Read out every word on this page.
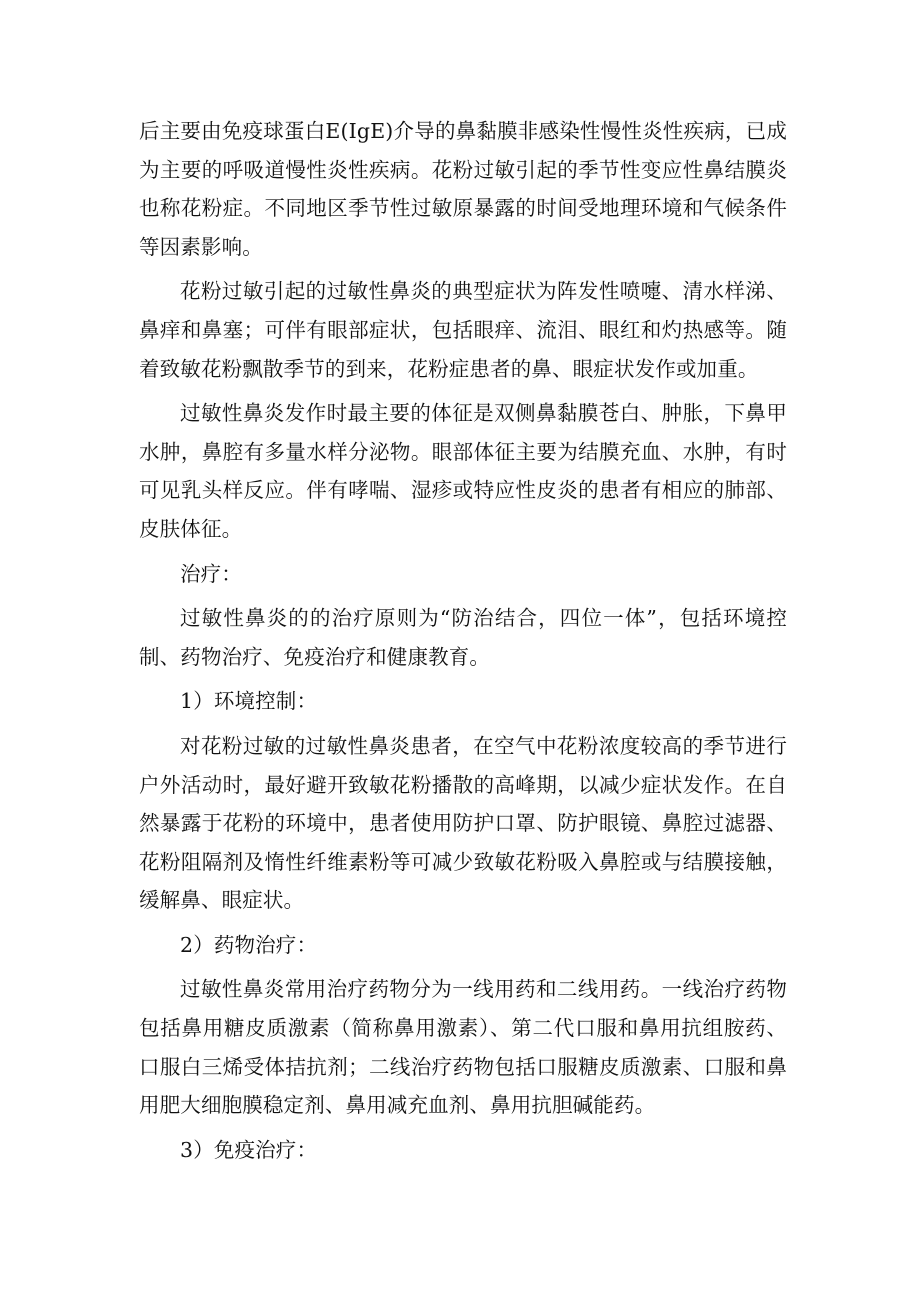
后主要由免疫球蛋白E(IgE)介导的鼻黏膜非感染性慢性炎性疾病，已成为主要的呼吸道慢性炎性疾病。花粉过敏引起的季节性变应性鼻结膜炎也称花粉症。不同地区季节性过敏原暴露的时间受地理环境和气候条件等因素影响。

花粉过敏引起的过敏性鼻炎的典型症状为阵发性喷嚏、清水样涕、鼻痒和鼻塞；可伴有眼部症状，包括眼痒、流泪、眼红和灼热感等。随着致敏花粉飘散季节的到来，花粉症患者的鼻、眼症状发作或加重。

过敏性鼻炎发作时最主要的体征是双侧鼻黏膜苍白、肿胀，下鼻甲水肿，鼻腔有多量水样分泌物。眼部体征主要为结膜充血、水肿，有时可见乳头样反应。伴有哮喘、湿疹或特应性皮炎的患者有相应的肺部、皮肤体征。

治疗：

过敏性鼻炎的的治疗原则为“防治结合，四位一体”，包括环境控制、药物治疗、免疫治疗和健康教育。

1）环境控制：

对花粉过敏的过敏性鼻炎患者，在空气中花粉浓度较高的季节进行户外活动时，最好避开致敏花粉播散的高峰期，以减少症状发作。在自然暴露于花粉的环境中，患者使用防护口罩、防护眼镜、鼻腔过滤器、花粉阻隔剂及惰性纤维素粉等可减少致敏花粉吸入鼻腔或与结膜接触，缓解鼻、眼症状。

2）药物治疗：

过敏性鼻炎常用治疗药物分为一线用药和二线用药。一线治疗药物包括鼻用糖皮质激素（简称鼻用激素）、第二代口服和鼻用抗组胺药、口服白三烯受体拮抗剂；二线治疗药物包括口服糖皮质激素、口服和鼻用肥大细胞膜稳定剂、鼻用减充血剂、鼻用抗胆碱能药。

3）免疫治疗：
